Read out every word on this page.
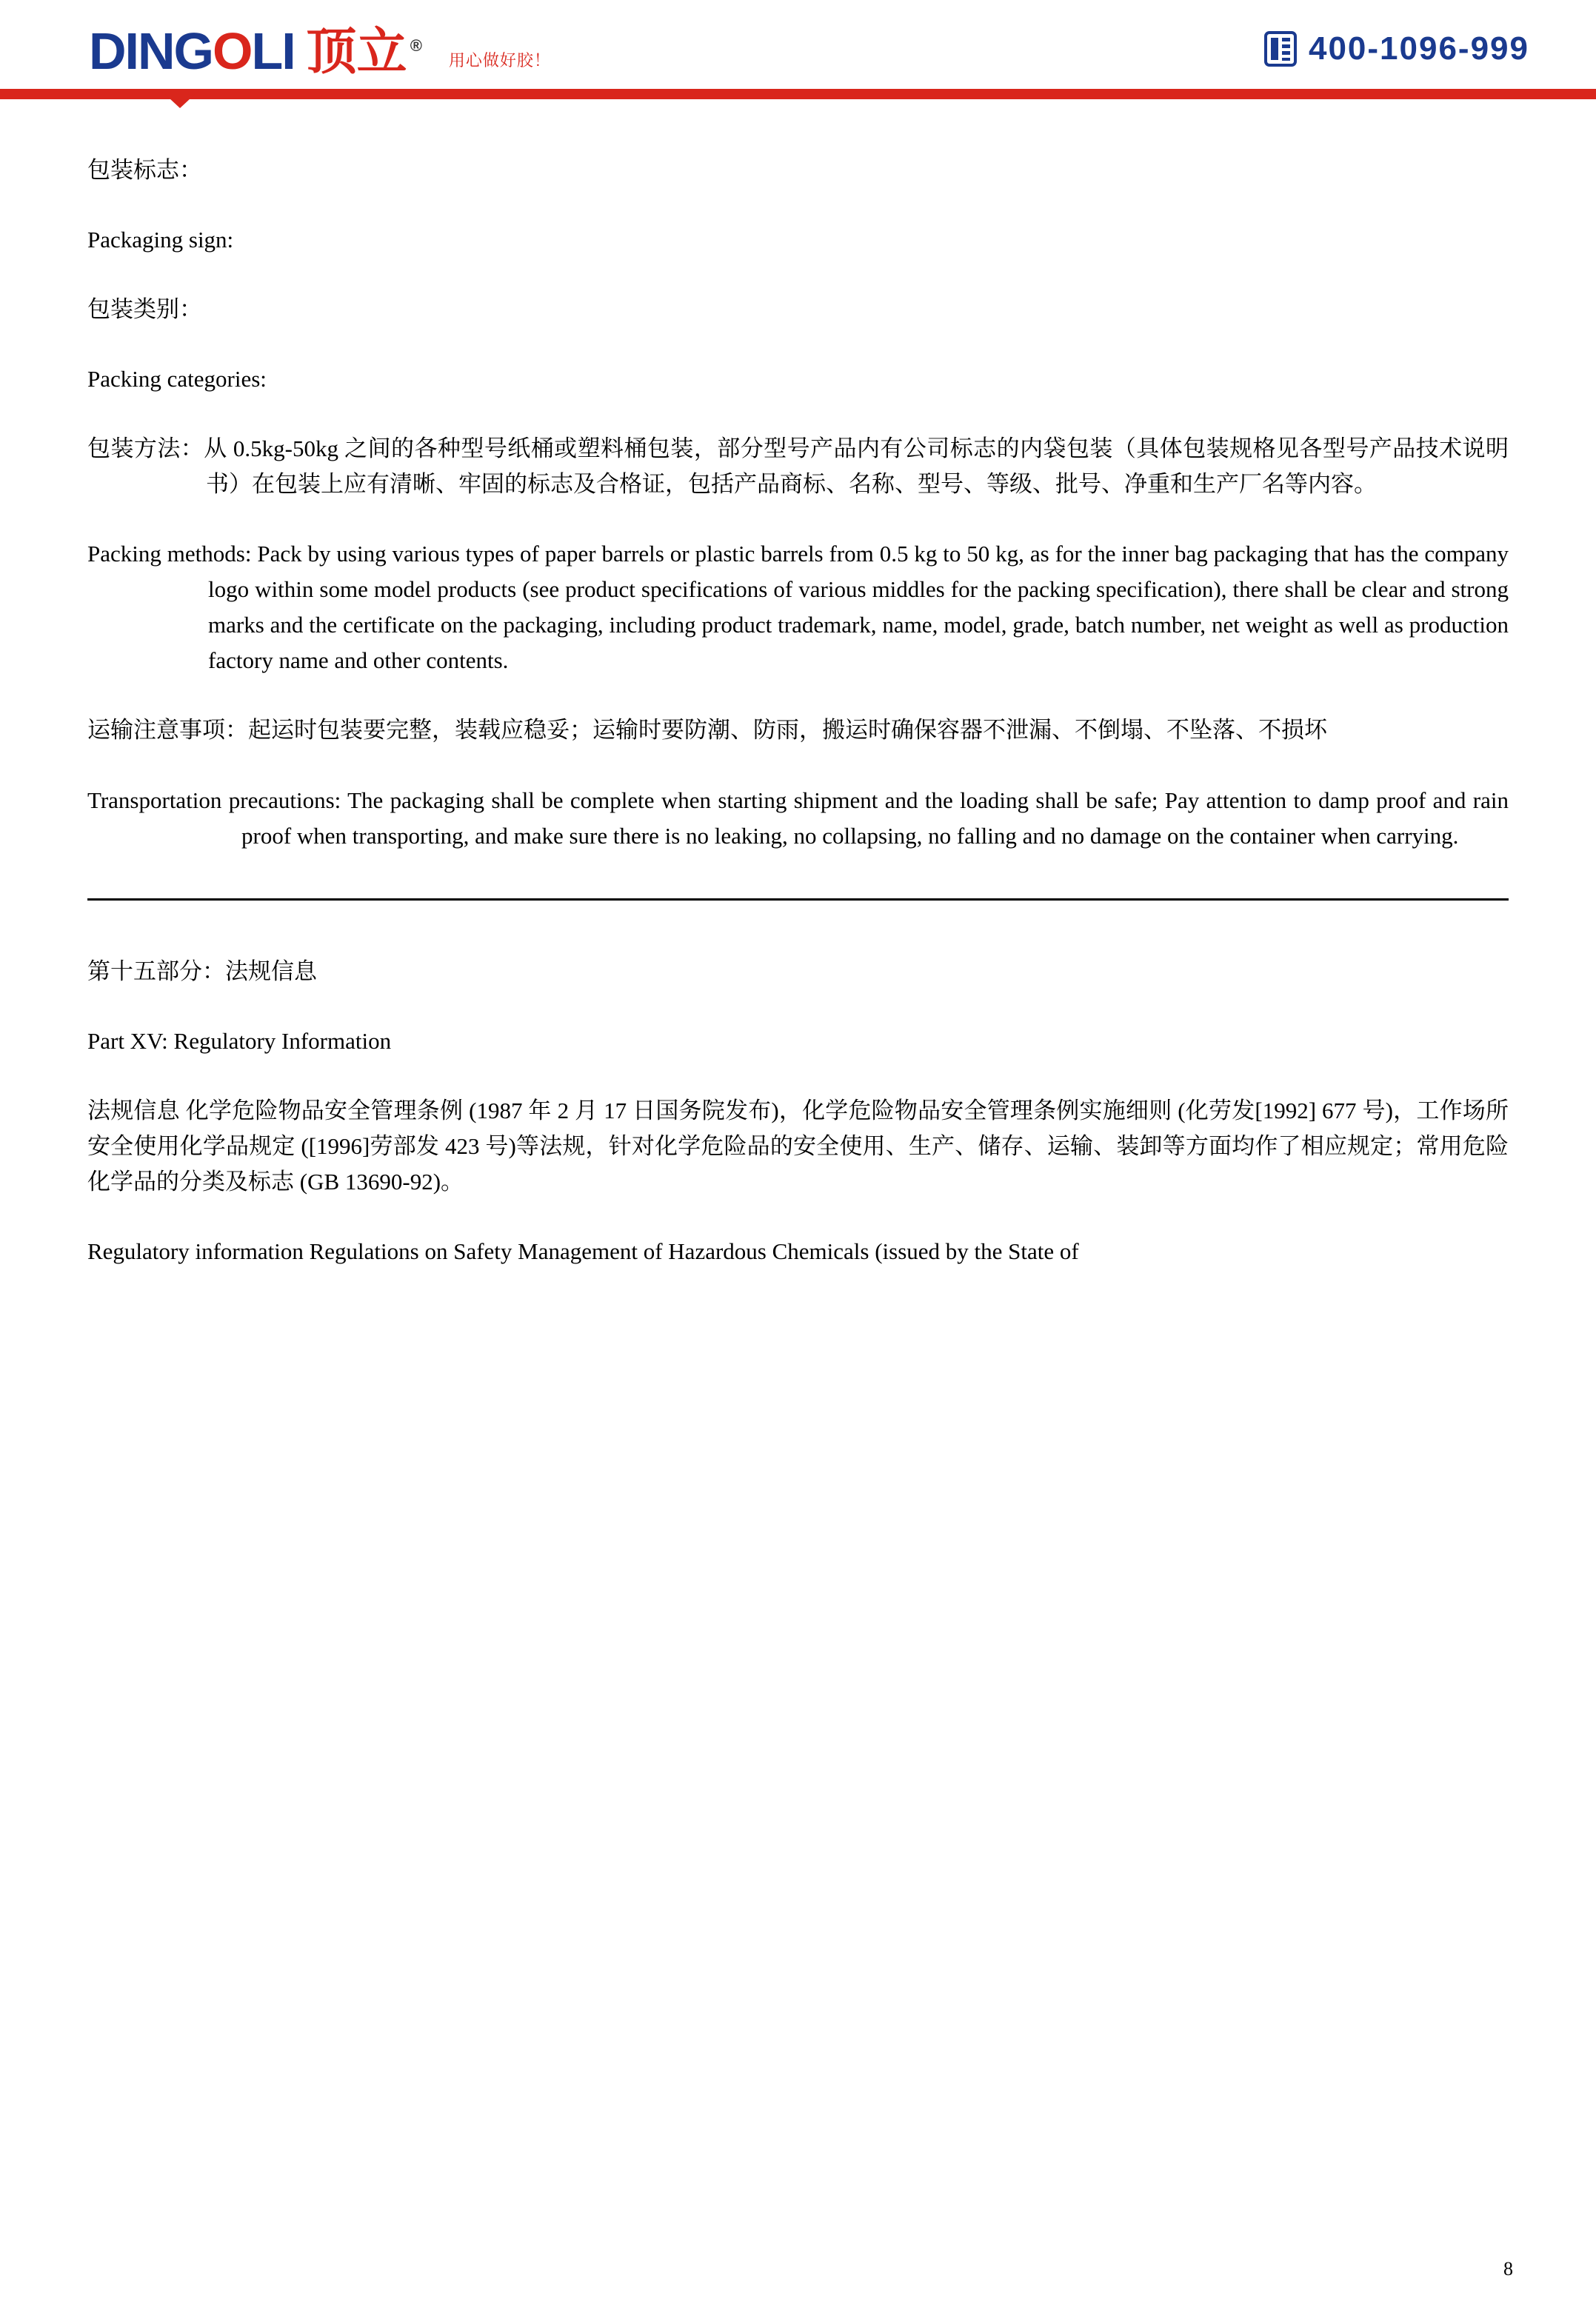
DINGOLI 顶立 ®
用心做好胶！	400-1096-999

包装标志：

Packaging sign:

包装类别：

Packing categories:

包装方法：从 0.5kg-50kg 之间的各种型号纸桶或塑料桶包装，部分型号产品内有公司标志的内袋包装（具体包装规格见各型号产品技术说明书）在包装上应有清晰、牢固的标志及合格证，包括产品商标、名称、型号、等级、批号、净重和生产厂名等内容。

Packing methods: Pack by using various types of paper barrels or plastic barrels from 0.5 kg to 50 kg, as for the inner bag packaging that has the company logo within some model products (see product specifications of various middles for the packing specification), there shall be clear and strong marks and the certificate on the packaging, including product trademark, name, model, grade, batch number, net weight as well as production factory name and other contents.

运输注意事项：起运时包装要完整，装载应稳妥；运输时要防潮、防雨，搬运时确保容器不泄漏、不倒塌、不坠落、不损坏

Transportation precautions: The packaging shall be complete when starting shipment and the loading shall be safe; Pay attention to damp proof and rain proof when transporting, and make sure there is no leaking, no collapsing, no falling and no damage on the container when carrying.

第十五部分：法规信息

Part XV: Regulatory Information

法规信息 化学危险物品安全管理条例 (1987 年 2 月 17 日国务院发布)，化学危险物品安全管理条例实施细则 (化劳发[1992] 677 号)，工作场所安全使用化学品规定 ([1996]劳部发 423 号)等法规，针对化学危险品的安全使用、生产、储存、运输、装卸等方面均作了相应规定；常用危险化学品的分类及标志 (GB 13690-92)。

Regulatory information Regulations on Safety Management of Hazardous Chemicals (issued by the State of

8
